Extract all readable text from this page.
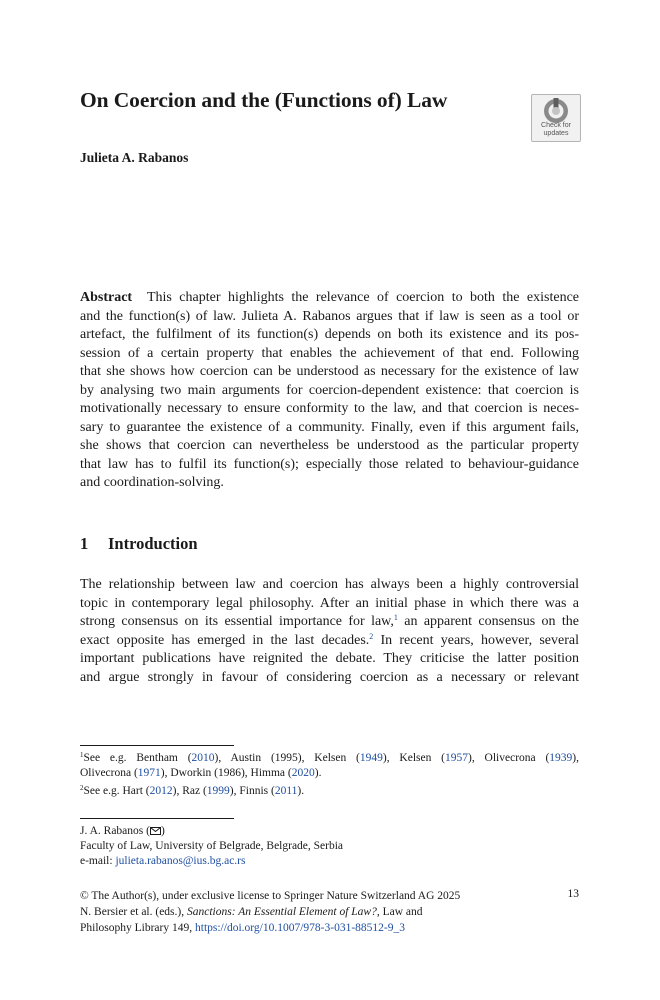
On Coercion and the (Functions of) Law
Check for
updates
Julieta A. Rabanos
Abstract This chapter highlights the relevance of coercion to both the existence
and the function(s) of law. Julieta A. Rabanos argues that if law is seen as a tool or
artefact, the fulfilment of its function(s) depends on both its existence and its pos-
session of a certain property that enables the achievement of that end. Following
that she shows how coercion can be understood as necessary for the existence of law
by analysing two main arguments for coercion-dependent existence: that coercion is
motivationally necessary to ensure conformity to the law, and that coercion is neces-
sary to guarantee the existence of a community. Finally, even if this argument fails,
she shows that coercion can nevertheless be understood as the particular property
that law has to fulfil its function(s); especially those related to behaviour-guidance
and coordination-solving.
1 Introduction
The relationship between law and coercion has always been a highly controversial
topic in contemporary legal philosophy. After an initial phase in which there was a
strong consensus on its essential importance for law,$^1$ an apparent consensus on the
exact opposite has emerged in the last decades.$^2$ In recent years, however, several
important publications have reignited the debate. They criticise the latter position
and argue strongly in favour of considering coercion as a necessary or relevant
$^1$See e.g. Bentham (2010), Austin (1995), Kelsen (1949), Kelsen (1957), Olivecrona (1939),
Olivecrona (1971), Dworkin (1986), Himma (2020).
$^2$See e.g. Hart (2012), Raz (1999), Finnis (2011).
J. A. Rabanos ( )
Faculty of Law, University of Belgrade, Belgrade, Serbia
e-mail: julieta.rabanos@ius.bg.ac.rs
© The Author(s), under exclusive license to Springer Nature Switzerland AG 2025
N. Bersier et al. (eds.), Sanctions: An Essential Element of Law?, Law and
Philosophy Library 149, https://doi.org/10.1007/978-3-031-88512-9_3
13
